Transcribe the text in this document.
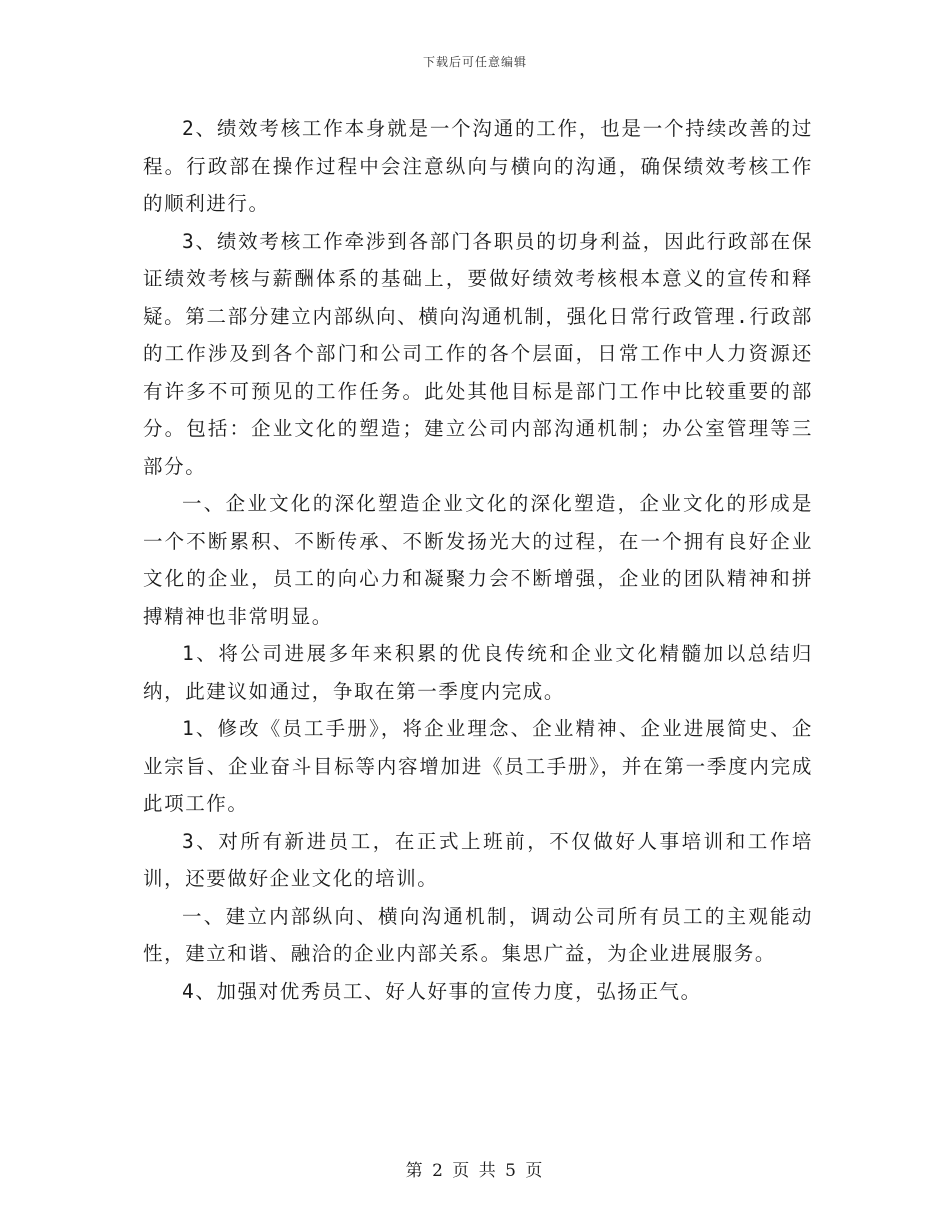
下载后可任意编辑

2、绩效考核工作本身就是一个沟通的工作，也是一个持续改善的过程。行政部在操作过程中会注意纵向与横向的沟通，确保绩效考核工作的顺利进行。

3、绩效考核工作牵涉到各部门各职员的切身利益，因此行政部在保证绩效考核与薪酬体系的基础上，要做好绩效考核根本意义的宣传和释疑。第二部分建立内部纵向、横向沟通机制，强化日常行政管理.行政部的工作涉及到各个部门和公司工作的各个层面，日常工作中人力资源还有许多不可预见的工作任务。此处其他目标是部门工作中比较重要的部分。包括：企业文化的塑造；建立公司内部沟通机制；办公室管理等三部分。

一、企业文化的深化塑造企业文化的深化塑造，企业文化的形成是一个不断累积、不断传承、不断发扬光大的过程，在一个拥有良好企业文化的企业，员工的向心力和凝聚力会不断增强，企业的团队精神和拼搏精神也非常明显。

1、将公司进展多年来积累的优良传统和企业文化精髓加以总结归纳，此建议如通过，争取在第一季度内完成。

1、修改《员工手册》，将企业理念、企业精神、企业进展简史、企业宗旨、企业奋斗目标等内容增加进《员工手册》，并在第一季度内完成此项工作。

3、对所有新进员工，在正式上班前，不仅做好人事培训和工作培训，还要做好企业文化的培训。

一、建立内部纵向、横向沟通机制，调动公司所有员工的主观能动性，建立和谐、融洽的企业内部关系。集思广益，为企业进展服务。

4、加强对优秀员工、好人好事的宣传力度，弘扬正气。

第 2 页 共 5 页
